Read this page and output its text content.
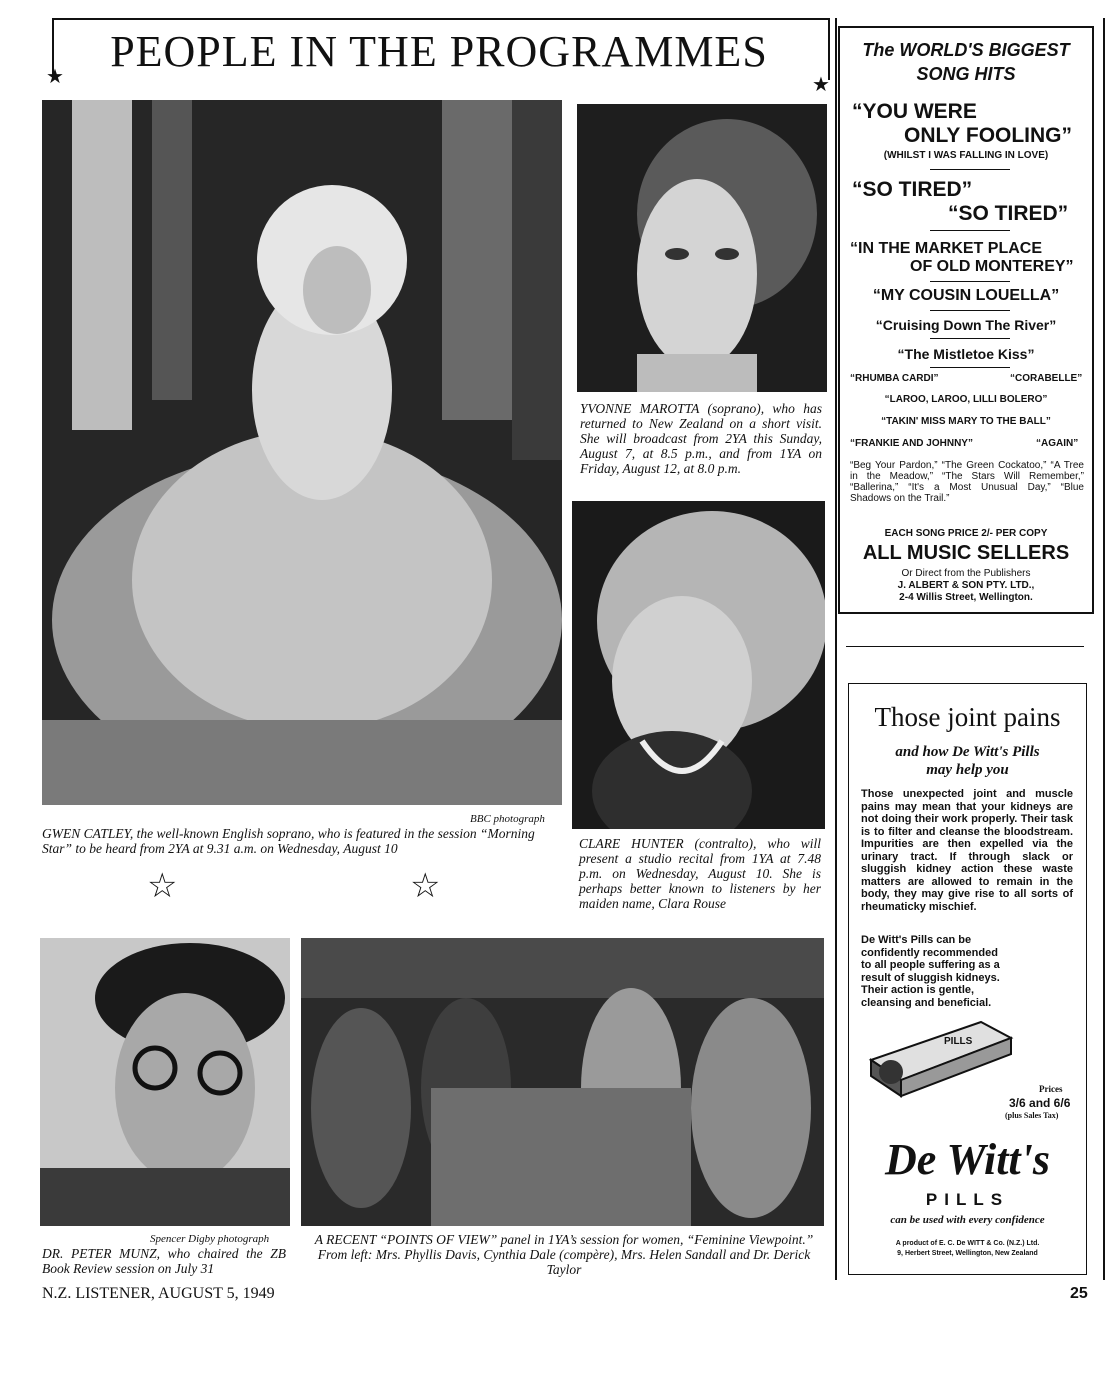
PEOPLE IN THE PROGRAMMES
★	★
BBC photograph
GWEN CATLEY, the well-known English soprano, who is featured in the session “Morning Star” to be heard from 2YA at 9.31 a.m. on Wednesday, August 10
☆	☆
YVONNE MAROTTA (soprano), who has returned to New Zealand on a short visit. She will broadcast from 2YA this Sunday, August 7, at 8.5 p.m., and from 1YA on Friday, August 12, at 8.0 p.m.
CLARE HUNTER (contralto), who will present a studio recital from 1YA at 7.48 p.m. on Wednesday, August 10. She is perhaps better known to listeners by her maiden name, Clara Rouse
Spencer Digby photograph
DR. PETER MUNZ, who chaired the ZB Book Review session on July 31
A RECENT “POINTS OF VIEW” panel in 1YA’s session for women, “Feminine Viewpoint.” From left: Mrs. Phyllis Davis, Cynthia Dale (compère), Mrs. Helen Sandall and Dr. Derick Taylor
The WORLD'S BIGGEST
SONG HITS
“YOU WERE
ONLY FOOLING”
(WHILST I WAS FALLING IN LOVE)
“SO TIRED”
“SO TIRED”
“IN THE MARKET PLACE
OF OLD MONTEREY”
“MY COUSIN LOUELLA”
“Cruising Down The River”
“The Mistletoe Kiss”
“RHUMBA CARDI”	“CORABELLE”
“LAROO, LAROO, LILLI BOLERO”
“TAKIN' MISS MARY TO THE BALL”
“FRANKIE AND JOHNNY”	“AGAIN”
“Beg Your Pardon,” “The Green Cockatoo,” “A Tree in the Meadow,” “The Stars Will Remember,” “Ballerina,” “It's a Most Unusual Day,” “Blue Shadows on the Trail.”
EACH SONG PRICE 2/- PER COPY
ALL MUSIC SELLERS
Or Direct from the Publishers
J. ALBERT & SON PTY. LTD.,
2-4 Willis Street, Wellington.
Those joint pains
and how De Witt's Pills
may help you
Those unexpected joint and muscle pains may mean that your kidneys are not doing their work properly. Their task is to filter and cleanse the bloodstream. Impurities are then expelled via the urinary tract. If through slack or sluggish kidney action these waste matters are allowed to remain in the body, they may give rise to all sorts of rheumaticky mischief.
De Witt's Pills can be confidently recommended to all people suffering as a result of sluggish kidneys. Their action is gentle, cleansing and beneficial.
PILLS
Prices
3/6 and 6/6
(plus Sales Tax)
De Witt's
PILLS
can be used with every confidence
A product of E. C. De WITT & Co. (N.Z.) Ltd.
9, Herbert Street, Wellington, New Zealand
N.Z. LISTENER, AUGUST 5, 1949	25
